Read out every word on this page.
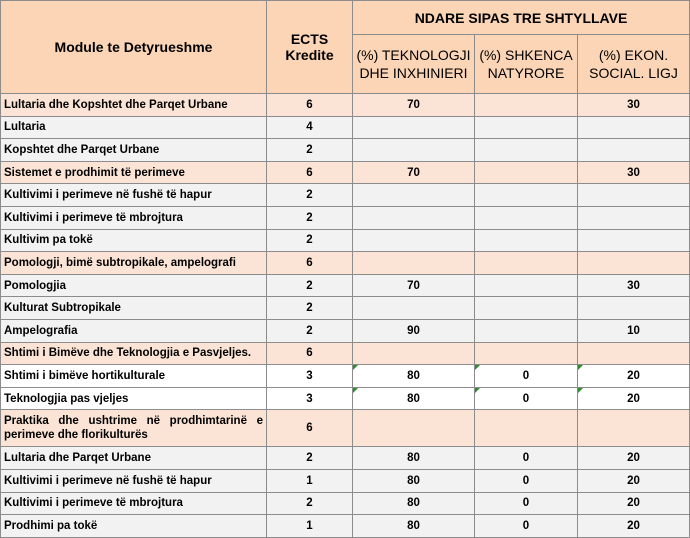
Module te Detyrueshme	ECTS
Kredite	NDARE SIPAS TRE SHTYLLAVE		
		(%) TEKNOLOGJI DHE INXHINIERI	(%) SHKENCA NATYRORE	(%) EKON. SOCIAL. LIGJ
Lultaria dhe Kopshtet dhe Parqet Urbane	6	70		30
Lultaria	4			
Kopshtet dhe Parqet Urbane	2			
Sistemet e prodhimit të perimeve	6	70		30
Kultivimi i perimeve në fushë të hapur	2			
Kultivimi i perimeve të mbrojtura	2			
Kultivim pa tokë	2			
Pomologji, bimë subtropikale, ampelografi	6			
Pomologjia	2	70		30
Kulturat Subtropikale	2			
Ampelografia	2	90		10
Shtimi i Bimëve dhe Teknologjia e Pasvjeljes.	6			
Shtimi i bimëve hortikulturale	3	80	0	20
Teknologjia pas vjeljes	3	80	0	20
Praktika dhe ushtrime në prodhimtarinë e perimeve dhe florikulturës	6			
Lultaria dhe Parqet Urbane	2	80	0	20
Kultivimi i perimeve në fushë të hapur	1	80	0	20
Kultivimi i perimeve të mbrojtura	2	80	0	20
Prodhimi pa tokë	1	80	0	20
